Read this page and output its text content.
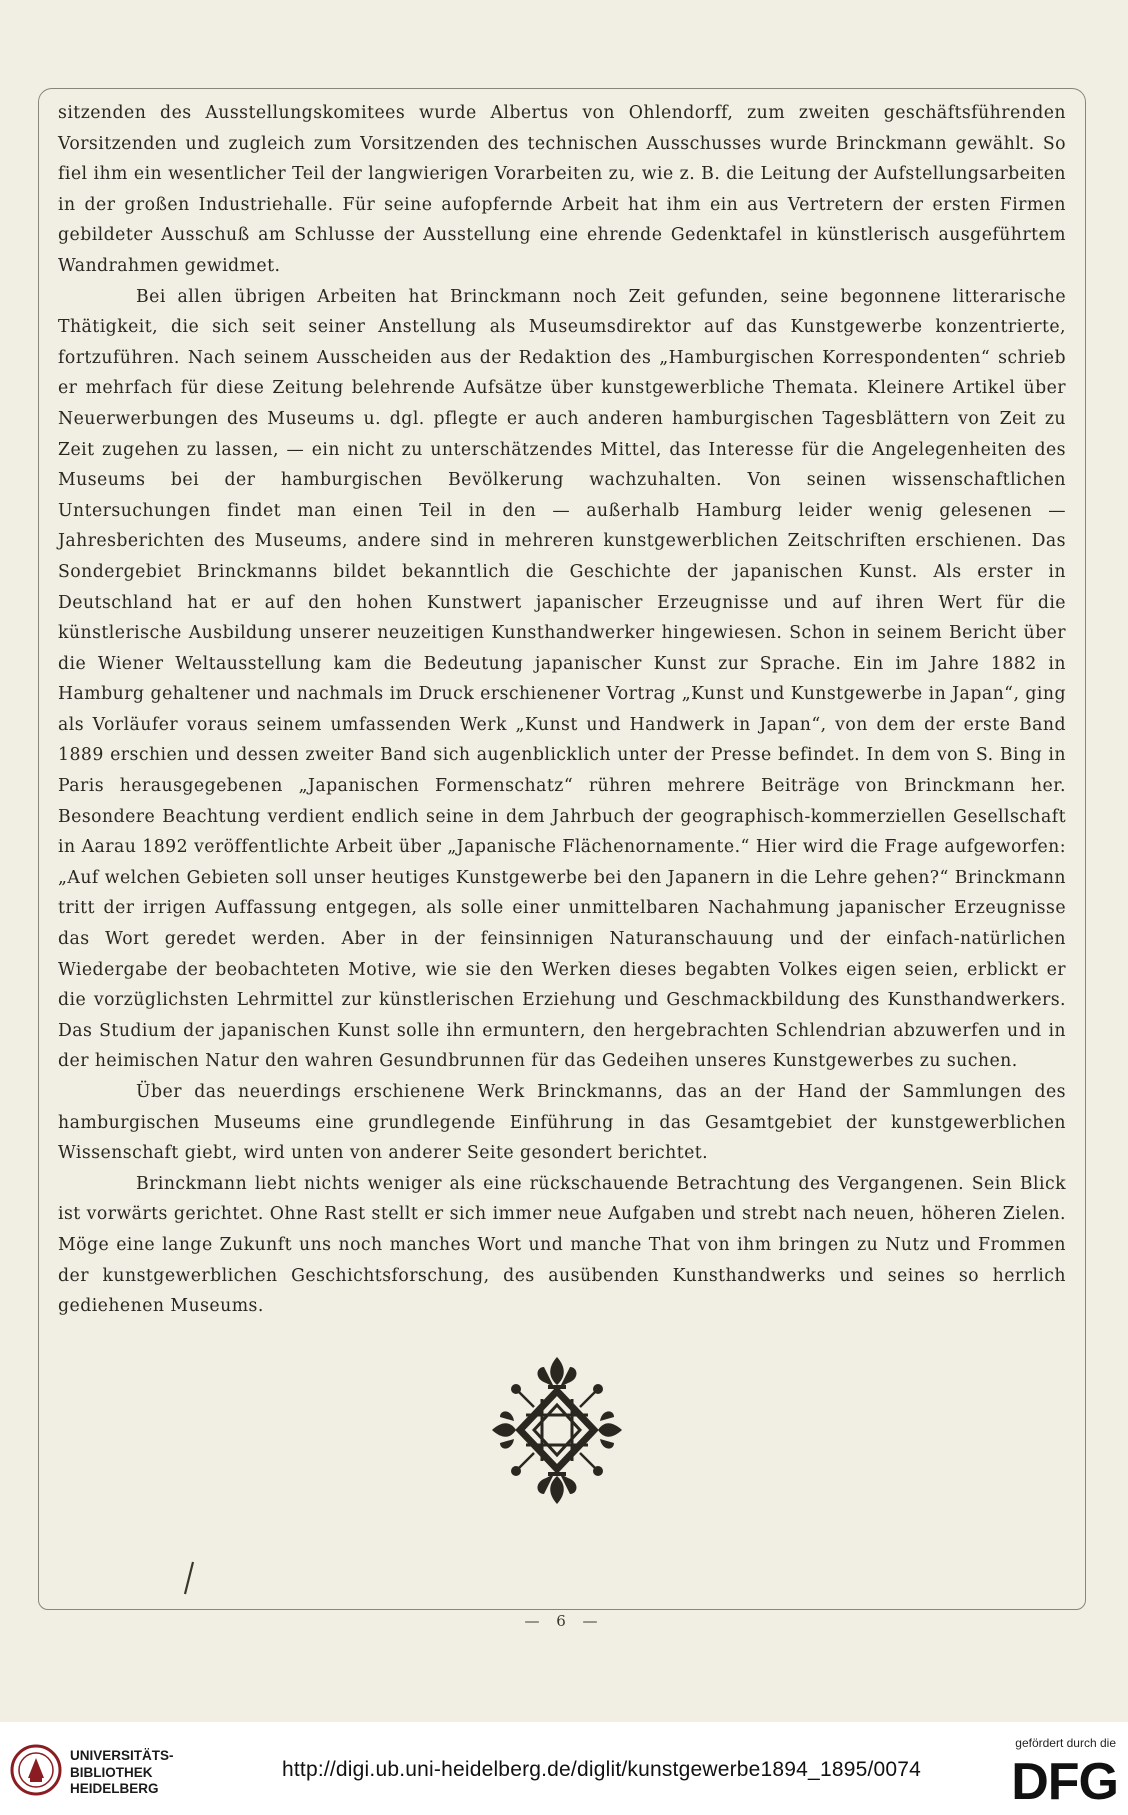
sitzenden des Ausstellungskomitees wurde Albertus von Ohlendorff, zum zweiten geschäftsführenden Vorsitzenden und zugleich zum Vorsitzenden des technischen Ausschusses wurde Brinckmann gewählt. So fiel ihm ein wesentlicher Teil der langwierigen Vorarbeiten zu, wie z. B. die Leitung der Aufstellungsarbeiten in der großen Industriehalle. Für seine aufopfernde Arbeit hat ihm ein aus Vertretern der ersten Firmen gebildeter Ausschuß am Schlusse der Ausstellung eine ehrende Gedenktafel in künstlerisch ausgeführtem Wandrahmen gewidmet.

Bei allen übrigen Arbeiten hat Brinckmann noch Zeit gefunden, seine begonnene litterarische Thätigkeit, die sich seit seiner Anstellung als Museumsdirektor auf das Kunstgewerbe konzentrierte, fortzuführen. Nach seinem Ausscheiden aus der Redaktion des „Hamburgischen Korrespondenten“ schrieb er mehrfach für diese Zeitung belehrende Aufsätze über kunstgewerbliche Themata. Kleinere Artikel über Neuerwerbungen des Museums u. dgl. pflegte er auch anderen hamburgischen Tagesblättern von Zeit zu Zeit zugehen zu lassen, — ein nicht zu unterschätzendes Mittel, das Interesse für die Angelegenheiten des Museums bei der hamburgischen Bevölkerung wachzuhalten. Von seinen wissenschaftlichen Untersuchungen findet man einen Teil in den — außerhalb Hamburg leider wenig gelesenen — Jahresberichten des Museums, andere sind in mehreren kunstgewerblichen Zeitschriften erschienen. Das Sondergebiet Brinckmanns bildet bekanntlich die Geschichte der japanischen Kunst. Als erster in Deutschland hat er auf den hohen Kunstwert japanischer Erzeugnisse und auf ihren Wert für die künstlerische Ausbildung unserer neuzeitigen Kunsthandwerker hingewiesen. Schon in seinem Bericht über die Wiener Weltausstellung kam die Bedeutung japanischer Kunst zur Sprache. Ein im Jahre 1882 in Hamburg gehaltener und nachmals im Druck erschienener Vortrag „Kunst und Kunstgewerbe in Japan“, ging als Vorläufer voraus seinem umfassenden Werk „Kunst und Handwerk in Japan“, von dem der erste Band 1889 erschien und dessen zweiter Band sich augenblicklich unter der Presse befindet. In dem von S. Bing in Paris herausgegebenen „Japanischen Formenschatz“ rühren mehrere Beiträge von Brinckmann her. Besondere Beachtung verdient endlich seine in dem Jahrbuch der geographisch-kommerziellen Gesellschaft in Aarau 1892 veröffentlichte Arbeit über „Japanische Flächenornamente.“ Hier wird die Frage aufgeworfen: „Auf welchen Gebieten soll unser heutiges Kunstgewerbe bei den Japanern in die Lehre gehen?“ Brinckmann tritt der irrigen Auffassung entgegen, als solle einer unmittelbaren Nachahmung japanischer Erzeugnisse das Wort geredet werden. Aber in der feinsinnigen Naturanschauung und der einfach-natürlichen Wiedergabe der beobachteten Motive, wie sie den Werken dieses begabten Volkes eigen seien, erblickt er die vorzüglichsten Lehrmittel zur künstlerischen Erziehung und Geschmackbildung des Kunsthandwerkers. Das Studium der japanischen Kunst solle ihn ermuntern, den hergebrachten Schlendrian abzuwerfen und in der heimischen Natur den wahren Gesundbrunnen für das Gedeihen unseres Kunstgewerbes zu suchen.

Über das neuerdings erschienene Werk Brinckmanns, das an der Hand der Sammlungen des hamburgischen Museums eine grundlegende Einführung in das Gesamtgebiet der kunstgewerblichen Wissenschaft giebt, wird unten von anderer Seite gesondert berichtet.

Brinckmann liebt nichts weniger als eine rückschauende Betrachtung des Vergangenen. Sein Blick ist vorwärts gerichtet. Ohne Rast stellt er sich immer neue Aufgaben und strebt nach neuen, höheren Zielen. Möge eine lange Zukunft uns noch manches Wort und manche That von ihm bringen zu Nutz und Frommen der kunstgewerblichen Geschichtsforschung, des ausübenden Kunsthandwerks und seines so herrlich gediehenen Museums.

— 6 —
UNIVERSITÄTS-
BIBLIOTHEK
HEIDELBERG
http://digi.ub.uni-heidelberg.de/diglit/kunstgewerbe1894_1895/0074
gefördert durch die
DFG
